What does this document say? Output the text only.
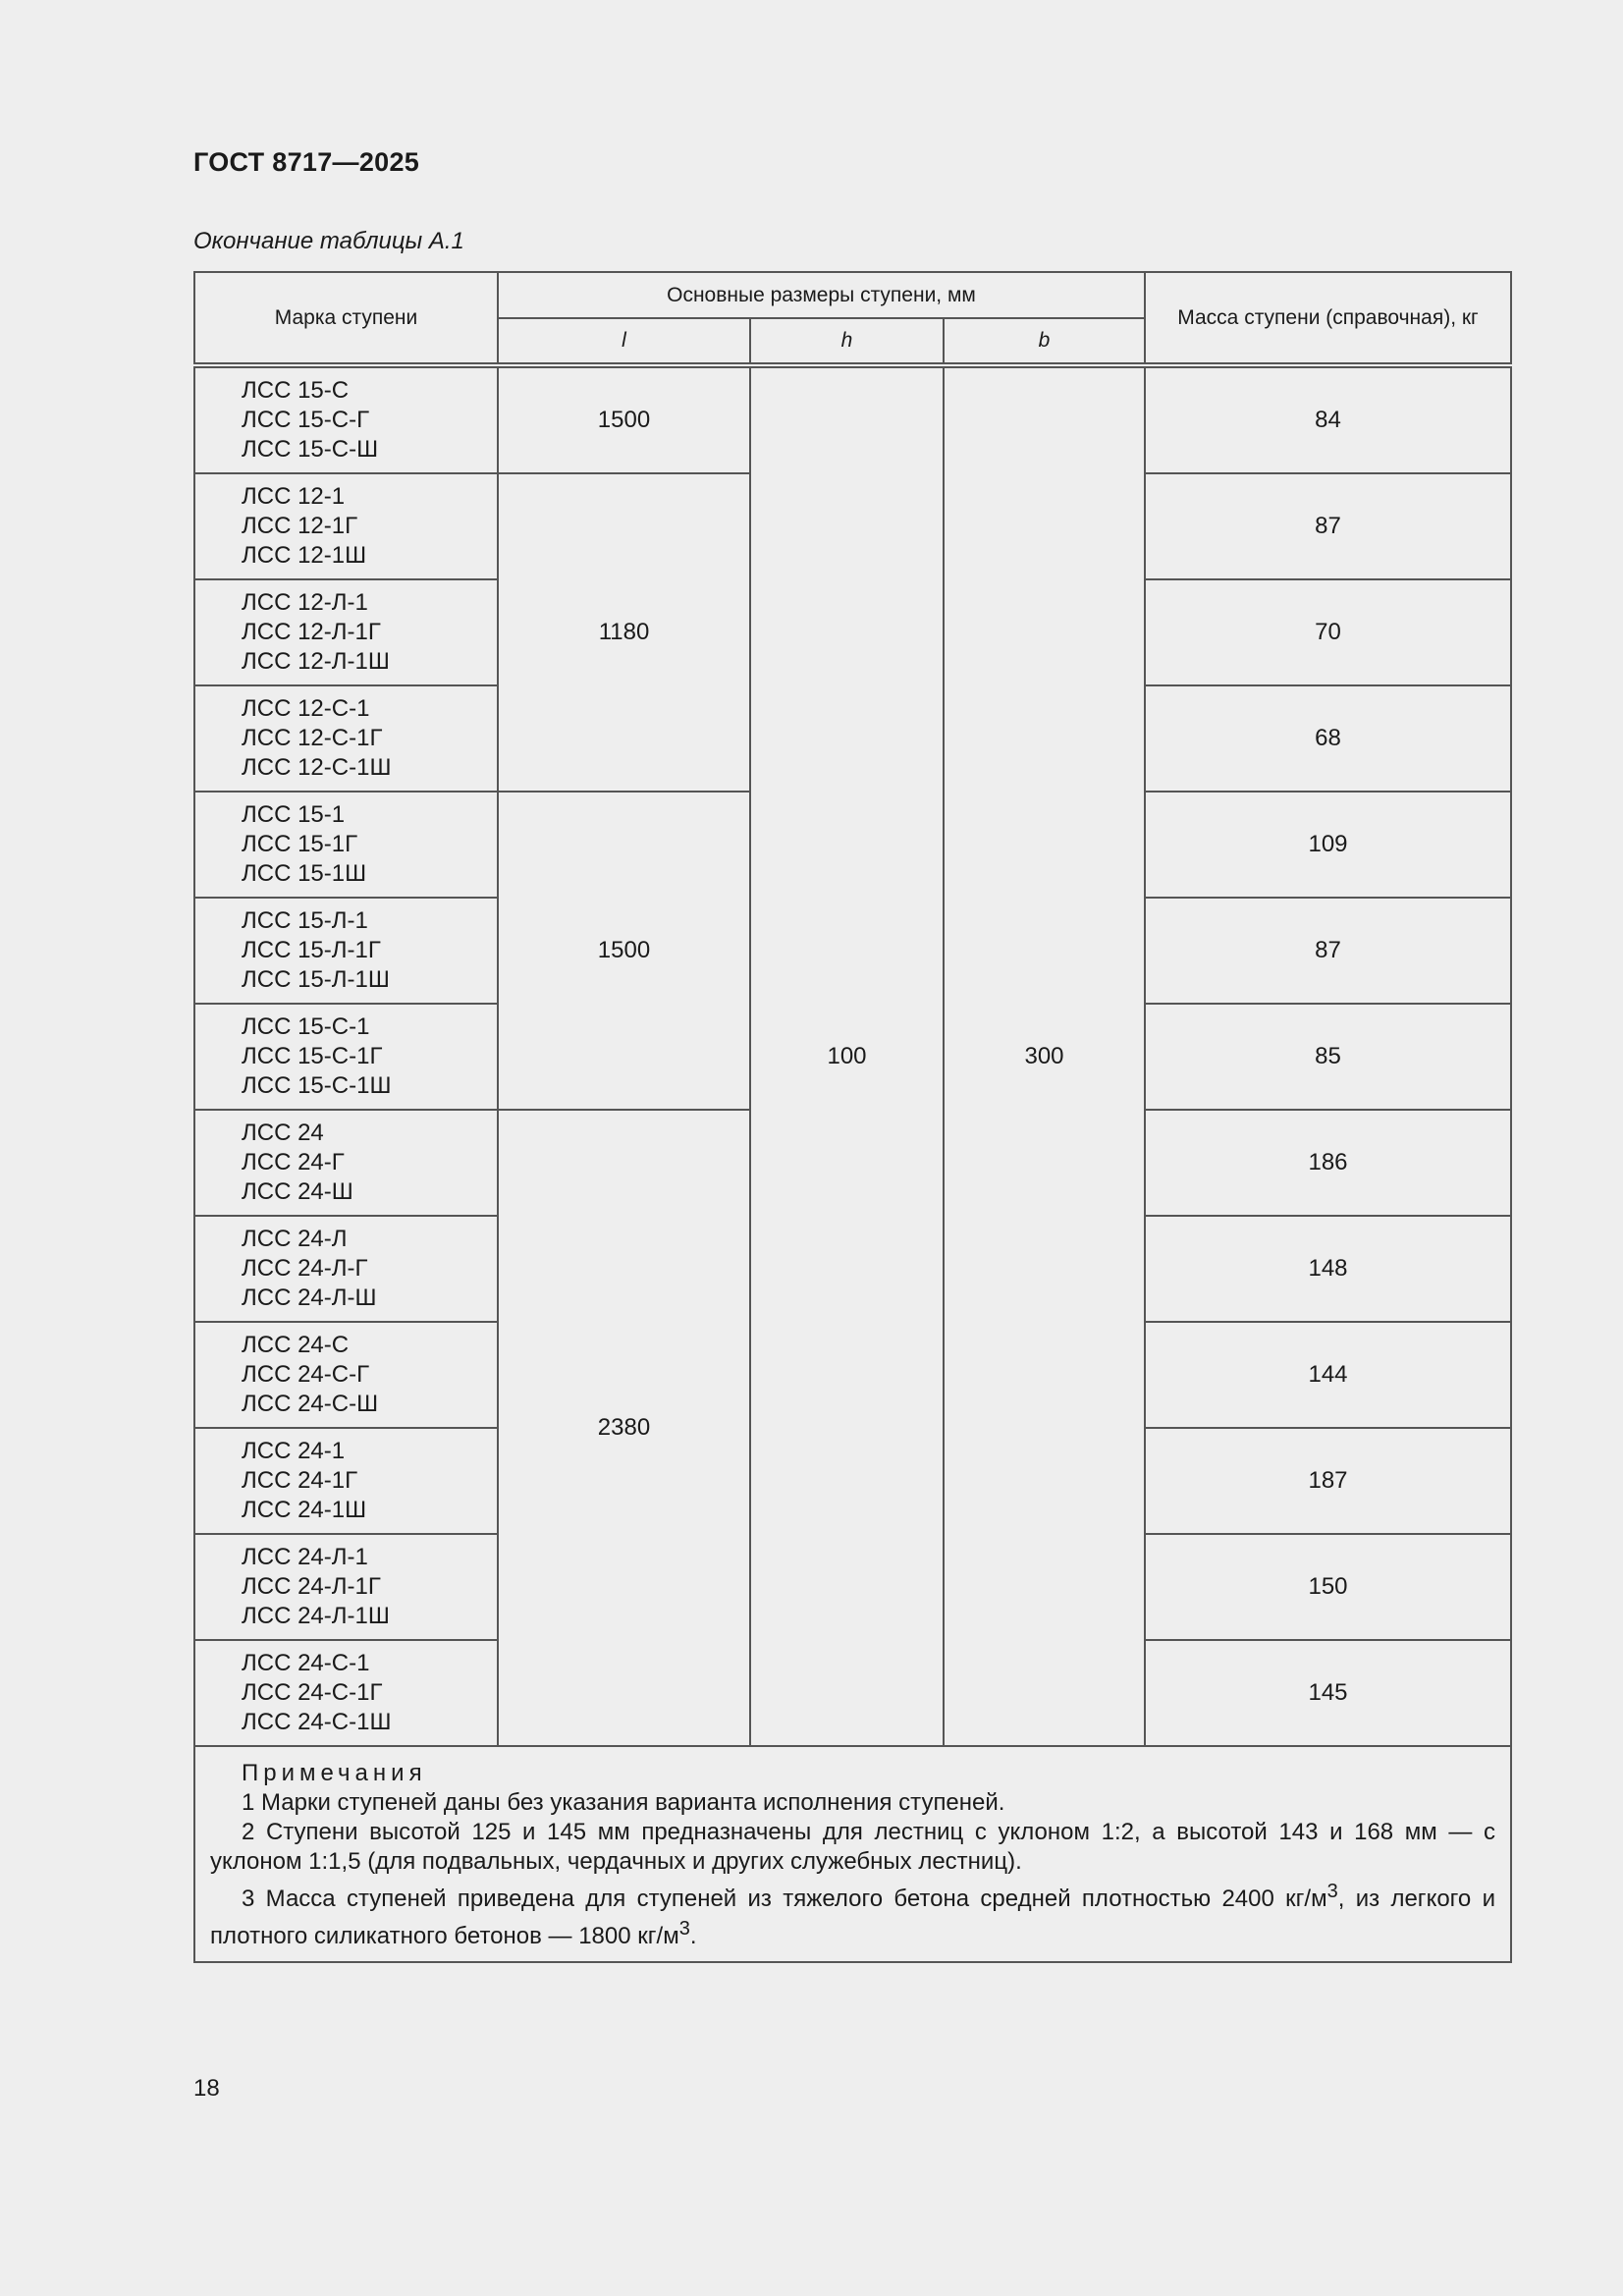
ГОСТ 8717—2025
Окончание таблицы А.1
Марка ступени	Основные размеры ступени, мм			Масса ступени (справочная), кг
	l	h	b	

ЛСС 15-С
ЛСС 15-С-Г
ЛСС 15-С-Ш	1500	100	300	84

ЛСС 12-1
ЛСС 12-1Г
ЛСС 12-1Ш	1180			87

ЛСС 12-Л-1
ЛСС 12-Л-1Г
ЛСС 12-Л-1Ш				70

ЛСС 12-С-1
ЛСС 12-С-1Г
ЛСС 12-С-1Ш				68

ЛСС 15-1
ЛСС 15-1Г
ЛСС 15-1Ш	1500			109

ЛСС 15-Л-1
ЛСС 15-Л-1Г
ЛСС 15-Л-1Ш				87

ЛСС 15-С-1
ЛСС 15-С-1Г
ЛСС 15-С-1Ш				85

ЛСС 24
ЛСС 24-Г
ЛСС 24-Ш	2380			186

ЛСС 24-Л
ЛСС 24-Л-Г
ЛСС 24-Л-Ш				148

ЛСС 24-С
ЛСС 24-С-Г
ЛСС 24-С-Ш				144

ЛСС 24-1
ЛСС 24-1Г
ЛСС 24-1Ш				187

ЛСС 24-Л-1
ЛСС 24-Л-1Г
ЛСС 24-Л-1Ш				150

ЛСС 24-С-1
ЛСС 24-С-1Г
ЛСС 24-С-1Ш				145

Примечания
1 Марки ступеней даны без указания варианта исполнения ступеней.
2 Ступени высотой 125 и 145 мм предназначены для лестниц с уклоном 1:2, а высотой 143 и 168 мм — с уклоном 1:1,5 (для подвальных, чердачных и других служебных лестниц).
3 Масса ступеней приведена для ступеней из тяжелого бетона средней плотностью 2400 $кг/м^3$, из легкого и плотного силикатного бетонов — 1800 $кг/м^3$.				
18
